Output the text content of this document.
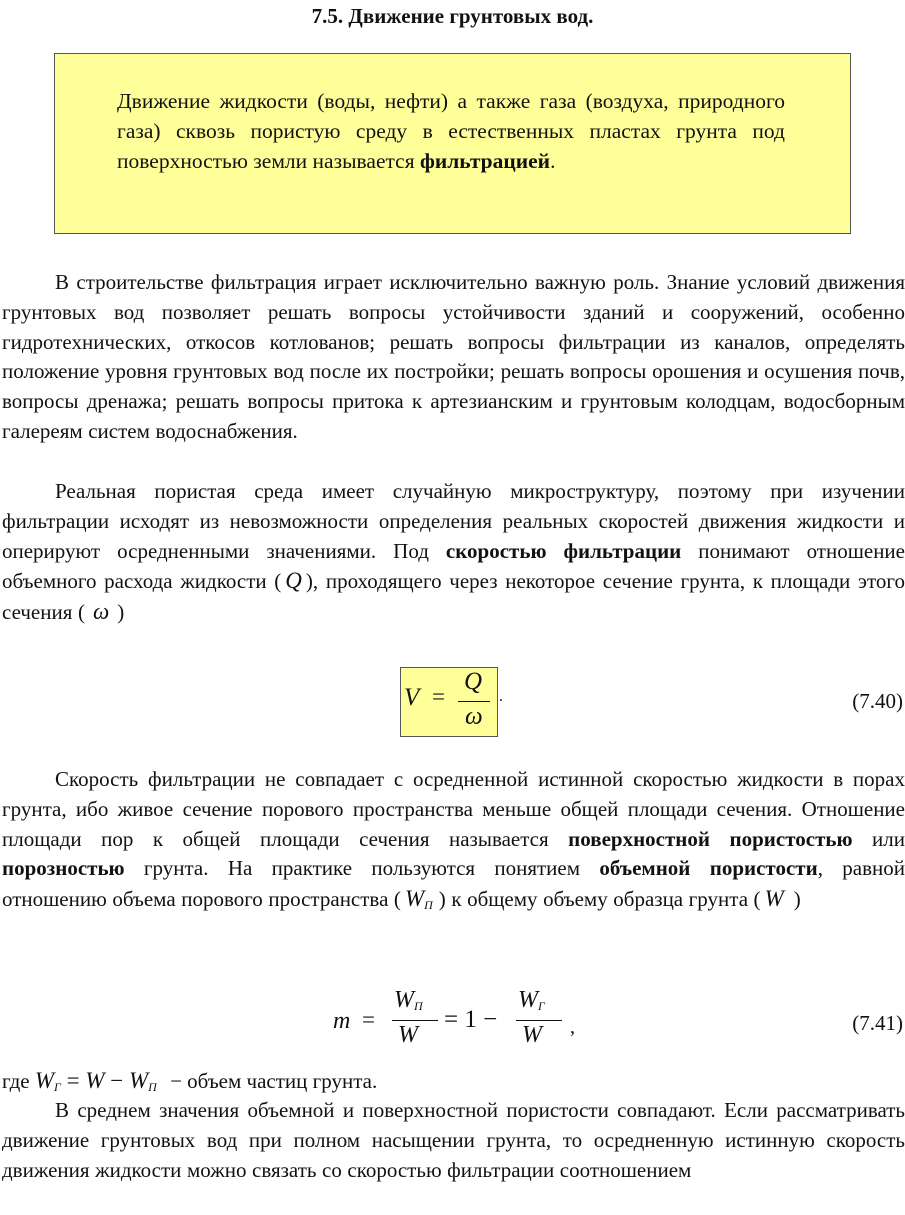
7.5. Движение грунтовых вод.
Движение жидкости (воды, нефти) а также газа (воздуха, природного газа) сквозь пористую среду в естественных пластах грунта под поверхностью земли называется фильтрацией.

В строительстве фильтрация играет исключительно важную роль. Знание условий движения грунтовых вод позволяет решать вопросы устойчивости зданий и сооружений, особенно гидротехнических, откосов котлованов; решать вопросы фильтрации из каналов, определять положение уровня грунтовых вод после их постройки; решать вопросы орошения и осушения почв, вопросы дренажа; решать вопросы притока к артезианским и грунтовым колодцам, водосборным галереям систем водоснабжения.

Реальная пористая среда имеет случайную микроструктуру, поэтому при изучении фильтрации исходят из невозможности определения реальных скоростей движения жидкости и оперируют осредненными значениями. Под скоростью фильтрации понимают отношение объемного расхода жидкости ( Q ), проходящего через некоторое сечение грунта, к площади этого сечения ( ω )

V =
Q
ω
.	(7.40)

Скорость фильтрации не совпадает с осредненной истинной скоростью жидкости в порах грунта, ибо живое сечение порового пространства меньше общей площади сечения. Отношение площади пор к общей площади сечения называется поверхностной пористостью или порозностью грунта. На практике пользуются понятием объемной пористости, равной отношению объема порового пространства ( $W_П$ ) к общему объему образца грунта ( W )

m =
$W_П$
W
= 1 −
$W_Г$
W ,	(7.41)
где $W_Г = W - W_П$ − объем частиц грунта.

В среднем значения объемной и поверхностной пористости совпадают. Если рассматривать движение грунтовых вод при полном насыщении грунта, то осредненную истинную скорость движения жидкости можно связать со скоростью фильтрации соотношением
